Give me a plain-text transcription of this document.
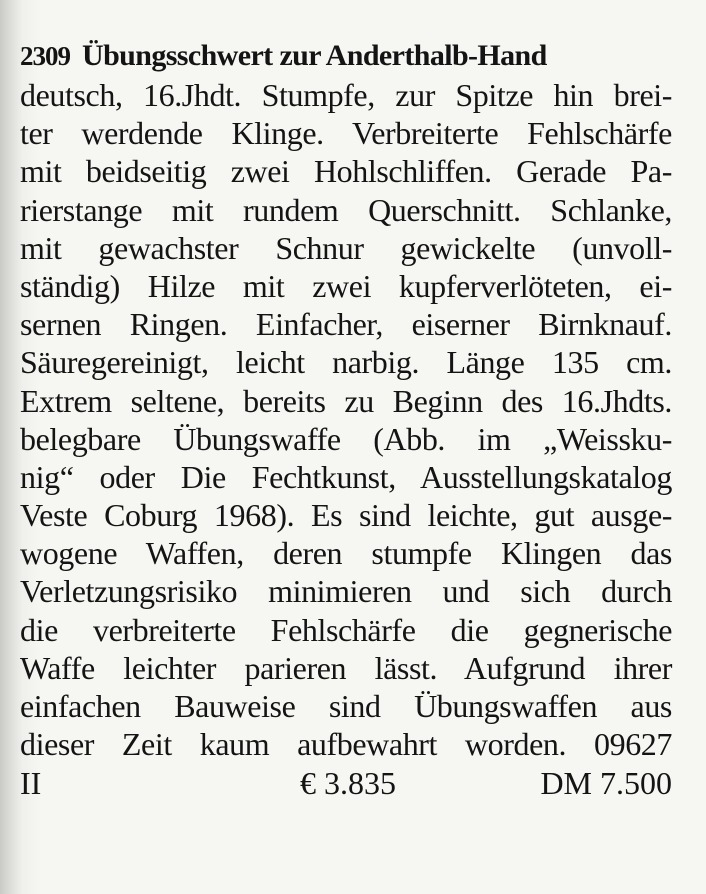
2309 Übungsschwert zur Anderthalb-Hand
deutsch, 16.Jhdt. Stumpfe, zur Spitze hin brei-
ter werdende Klinge. Verbreiterte Fehlschärfe
mit beidseitig zwei Hohlschliffen. Gerade Pa-
rierstange mit rundem Querschnitt. Schlanke,
mit gewachster Schnur gewickelte (unvoll-
ständig) Hilze mit zwei kupferverlöteten, ei-
sernen Ringen. Einfacher, eiserner Birnknauf.
Säuregereinigt, leicht narbig. Länge 135 cm.
Extrem seltene, bereits zu Beginn des 16.Jhdts.
belegbare Übungswaffe (Abb. im „Weissku-
nig“ oder Die Fechtkunst, Ausstellungskatalog
Veste Coburg 1968). Es sind leichte, gut ausge-
wogene Waffen, deren stumpfe Klingen das
Verletzungsrisiko minimieren und sich durch
die verbreiterte Fehlschärfe die gegnerische
Waffe leichter parieren lässt. Aufgrund ihrer
einfachen Bauweise sind Übungswaffen aus
dieser Zeit kaum aufbewahrt worden. 09627
II	€ 3.835	DM 7.500
